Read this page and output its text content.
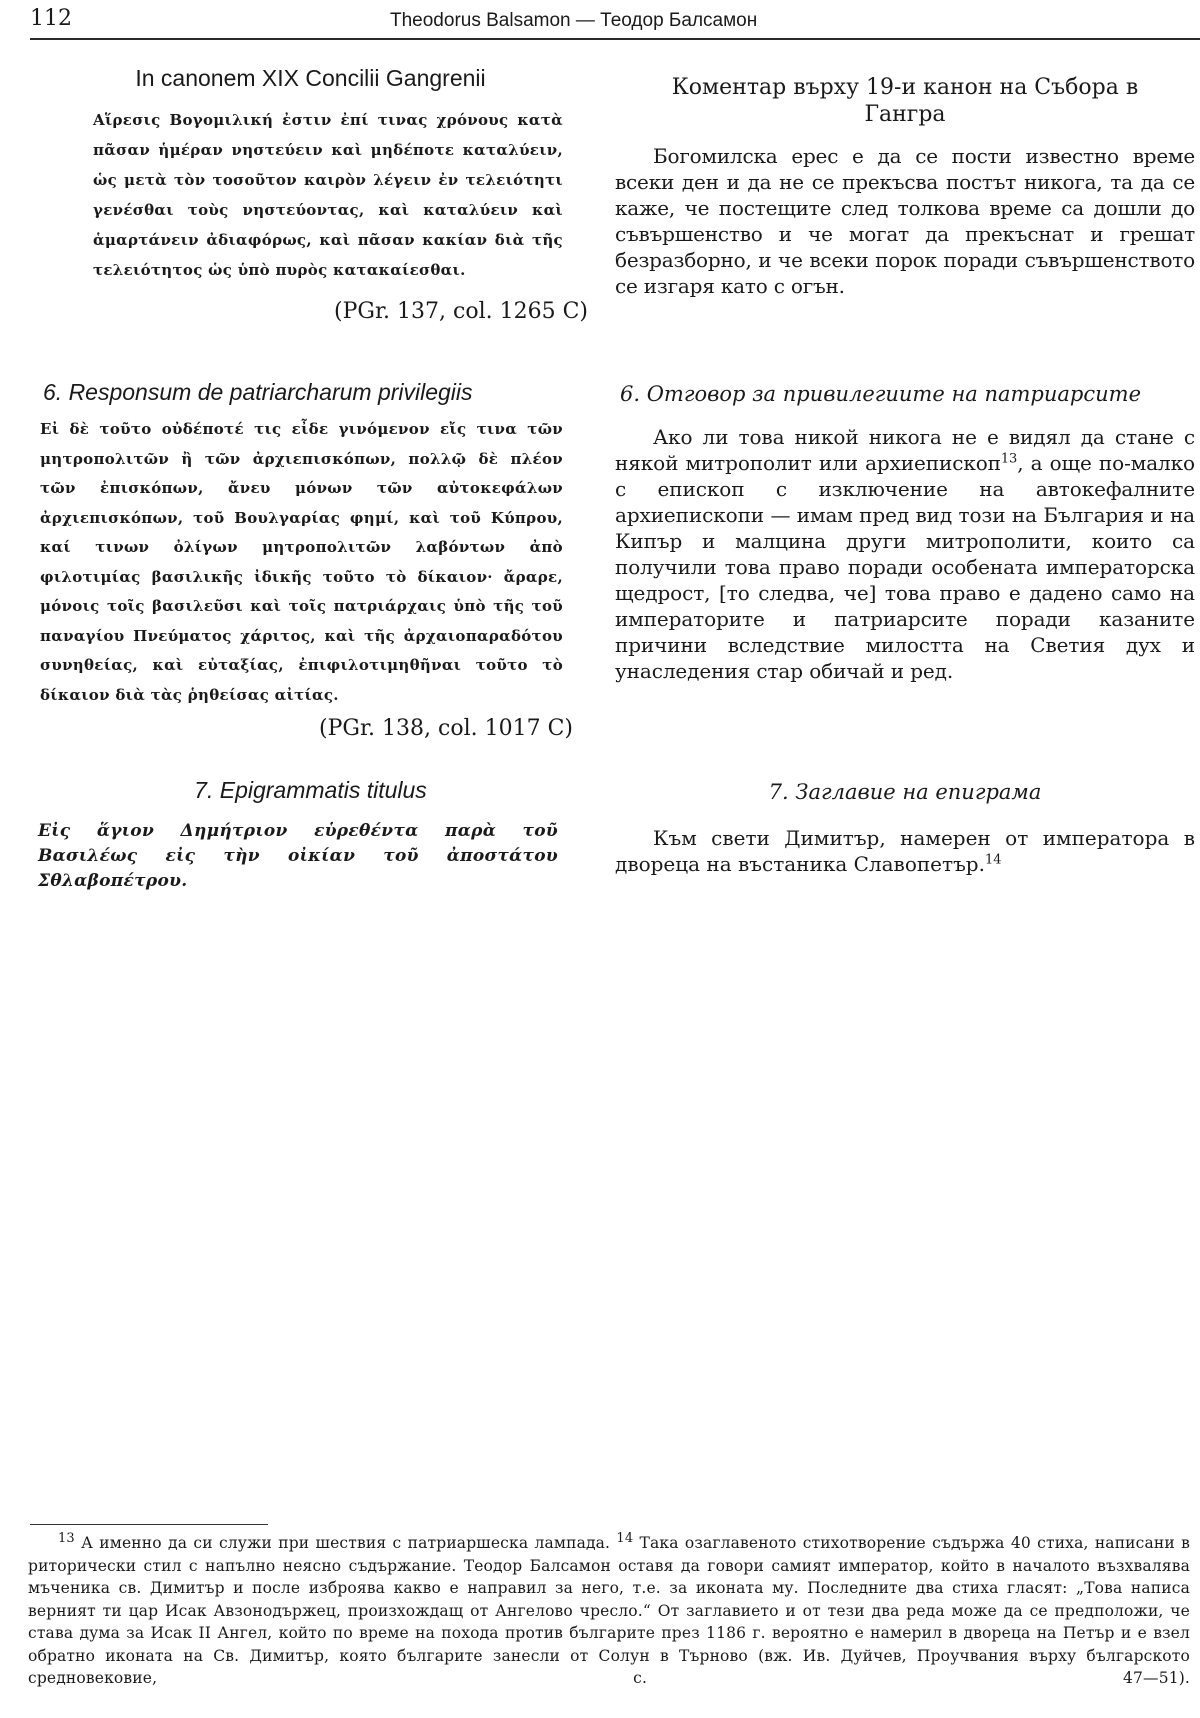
112	Theodorus Balsamon — Теодор Балсамон
In canonem XIX Concilii Gangrenii
Αἵρεσις Βογομιλική ἐστιν ἐπί τινας χρόνους κατὰ πᾶσαν ἡμέραν νηστεύειν καὶ μηδέποτε καταλύειν, ὡς μετὰ τὸν τοσοῦτον καιρὸν λέγειν ἐν τελειότητι γενέσθαι τοὺς νηστεύοντας, καὶ καταλύειν καὶ ἁμαρτάνειν ἀδιαφόρως, καὶ πᾶσαν κακίαν διὰ τῆς τελειότητος ὡς ὑπὸ πυρὸς κατακαίεσθαι.
(PGr. 137, col. 1265 C)
Коментар върху 19-и канон на Събора в Гангра
Богомилска ерес е да се пости известно време всеки ден и да не се прекъсва постът никога, та да се каже, че постещите след толкова време са дошли до съвършенство и че могат да прекъснат и грешат безразборно, и че всеки порок поради съвършенството се изгаря като с огън.
6. Responsum de patriarcharum privilegiis
Εἰ δὲ τοῦτο οὐδέποτέ τις εἶδε γινόμενον εἴς τινα τῶν μητροπολιτῶν ἢ τῶν ἀρχιεπισκόπων, πολλῷ δὲ πλέον τῶν ἐπισκόπων, ἄνευ μόνων τῶν αὐτοκεφάλων ἀρχιεπισκόπων, τοῦ Βουλγαρίας φημί, καὶ τοῦ Κύπρου, καί τινων ὀλίγων μητροπολιτῶν λαβόντων ἀπὸ φιλοτιμίας βασιλικῆς ἰδικῆς τοῦτο τὸ δίκαιον· ἄραρε, μόνοις τοῖς βασιλεῦσι καὶ τοῖς πατριάρχαις ὑπὸ τῆς τοῦ παναγίου Πνεύματος χάριτος, καὶ τῆς ἀρχαιοπαραδότου συνηθείας, καὶ εὐταξίας, ἐπιφιλοτιμηθῆναι τοῦτο τὸ δίκαιον διὰ τὰς ῥηθείσας αἰτίας.
(PGr. 138, col. 1017 C)
6. Отговор за привилегиите на патриарсите
Ако ли това никой никога не е видял да стане с някой митрополит или архиепископ$^{13}$, а още по-малко с епископ с изключение на автокефалните архиепископи — имам пред вид този на България и на Кипър и малцина други митрополити, които са получили това право поради особената императорска щедрост, [то следва, че] това право е дадено само на императорите и патриарсите поради казаните причини вследствие милостта на Светия дух и унаследения стар обичай и ред.
7. Epigrammatis titulus
Εἰς ἅγιον Δημήτριον εὑρεθέντα παρὰ τοῦ Βασιλέως εἰς τὴν οἰκίαν τοῦ ἀποστάτου Σθλαβοπέτρου.
7. Заглавие на епиграма
Към свети Димитър, намерен от императора в двореца на въстаника Славопетър.$^{14}$
$^{13}$ А именно да си служи при шествия с патриаршеска лампада. $^{14}$ Така озаглавеното стихотворение съдържа 40 стиха, написани в риторически стил с напълно неясно съдържание. Теодор Балсамон оставя да говори самият император, който в началото възхвалява мъченика св. Димитър и после изброява какво е направил за него, т.е. за иконата му. Последните два стиха гласят: „Това написа верният ти цар Исак Авзонодържец, произхождащ от Ангелово чресло.“ От заглавието и от тези два реда може да се предположи, че става дума за Исак II Ангел, който по време на похода против българите през 1186 г. вероятно е намерил в двореца на Петър и е взел обратно иконата на Св. Димитър, която българите занесли от Солун в Търново (вж. Ив. Дуйчев, Проучвания върху българското средновековие, с. 47—51).
